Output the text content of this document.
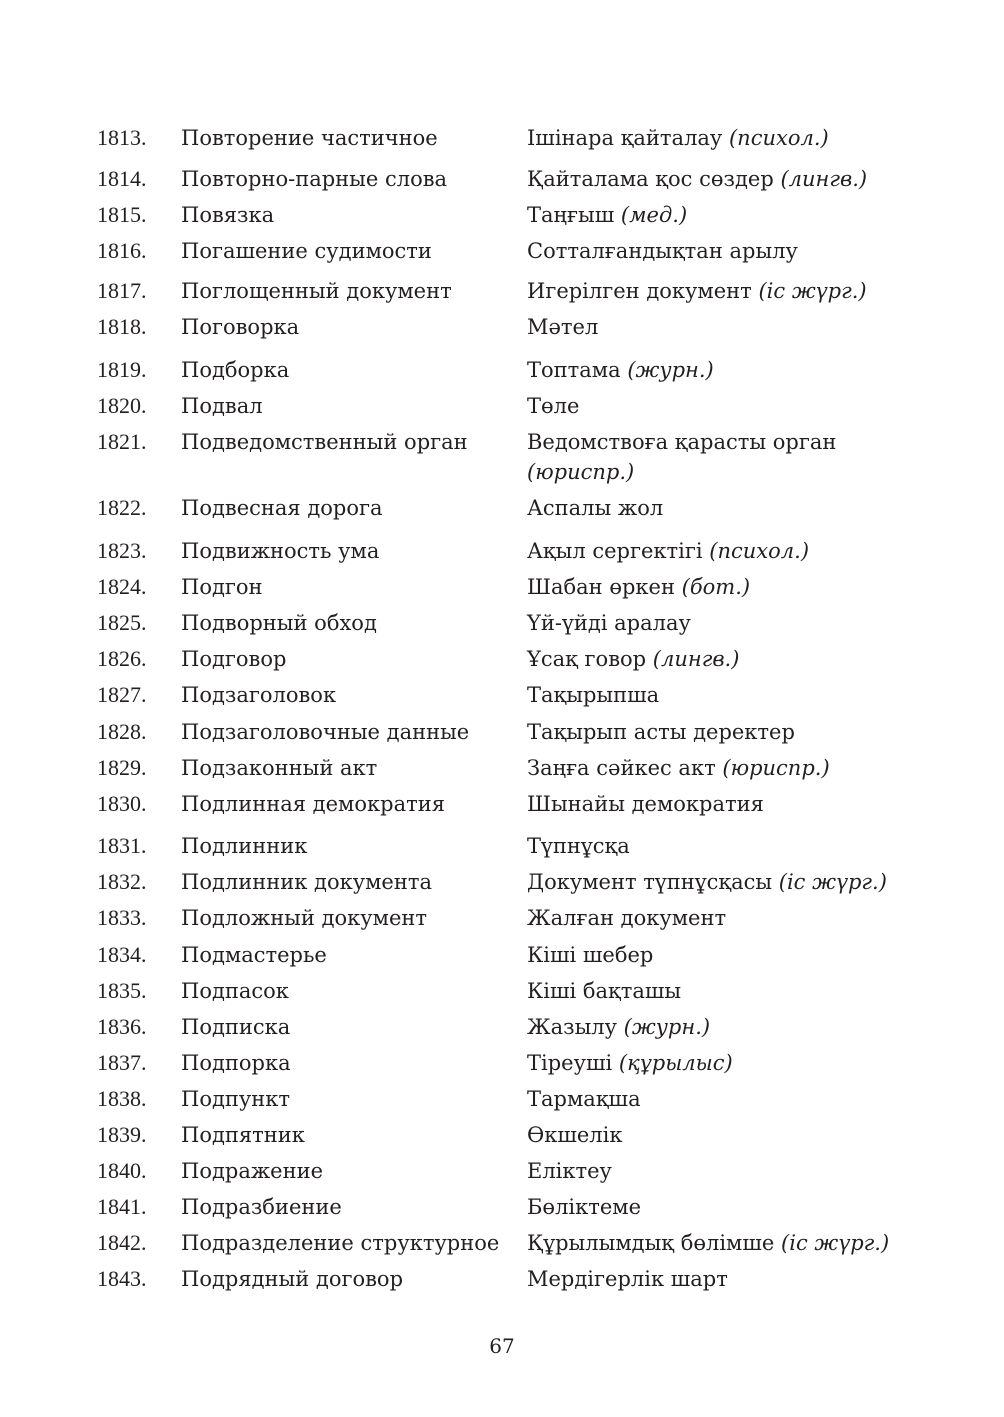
1813. Повторение частичное	Ішінара қайталау (психол.)
1814. Повторно-парные слова	Қайталама қос сөздер (лингв.)
1815. Повязка	Таңғыш (мед.)
1816. Погашение судимости	Сотталғандықтан арылу
1817. Поглощенный документ	Игерілген документ (іс жүрг.)
1818. Поговорка	Мәтел
1819. Подборка	Топтама (журн.)
1820. Подвал	Төле
1821. Подведомственный орган	Ведомствоға қарасты орган (юриспр.)
1822. Подвесная дорога	Аспалы жол
1823. Подвижность ума	Ақыл сергектігі (психол.)
1824. Подгон	Шабан өркен (бот.)
1825. Подворный обход	Үй-үйді аралау
1826. Подговор	Ұсақ говор (лингв.)
1827. Подзаголовок	Тақырыпша
1828. Подзаголовочные данные	Тақырып асты деректер
1829. Подзаконный акт	Заңға сәйкес акт (юриспр.)
1830. Подлинная демократия	Шынайы демократия
1831. Подлинник	Түпнұсқа
1832. Подлинник документа	Документ түпнұсқасы (іс жүрг.)
1833. Подложный документ	Жалған документ
1834. Подмастерье	Кіші шебер
1835. Подпасок	Кіші бақташы
1836. Подписка	Жазылу (журн.)
1837. Подпорка	Тіреуші (құрылыс)
1838. Подпункт	Тармақша
1839. Подпятник	Өкшелік
1840. Подражение	Еліктеу
1841. Подразбиение	Бөліктеме
1842. Подразделение структурное	Құрылымдық бөлімше (іс жүрг.)
1843. Подрядный договор	Мердігерлік шарт
67
